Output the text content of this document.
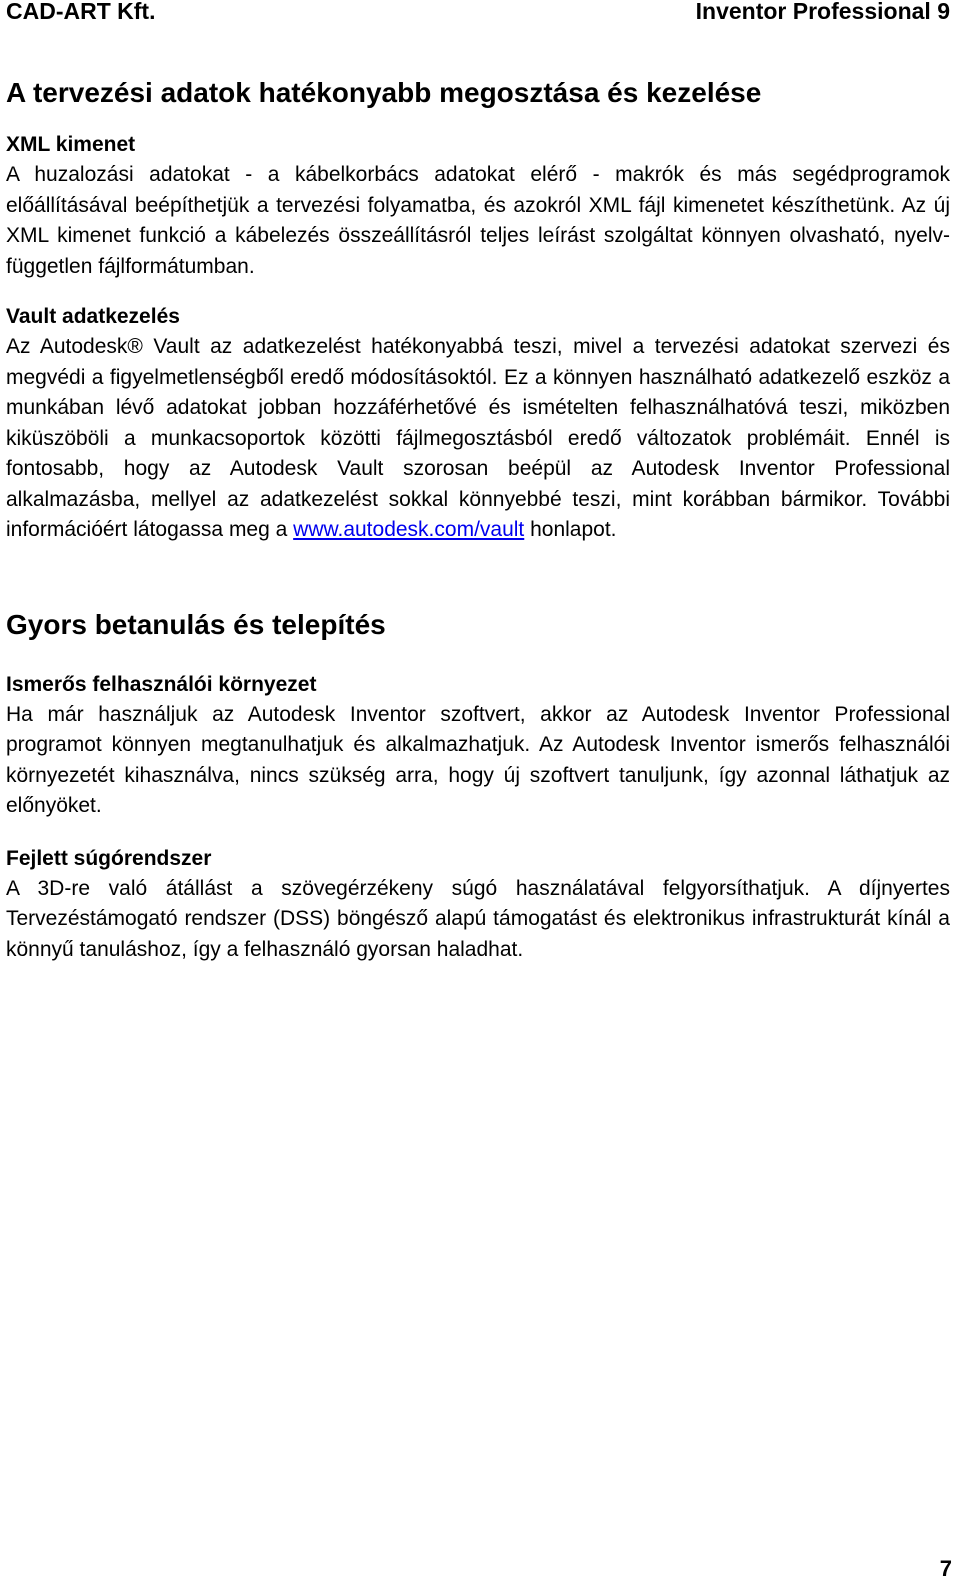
CAD-ART Kft.	Inventor Professional 9
A tervezési adatok hatékonyabb megosztása és kezelése
XML kimenet

A huzalozási adatokat - a kábelkorbács adatokat elérő - makrók és más segédprogramok előállításával beépíthetjük a tervezési folyamatba, és azokról XML fájl kimenetet készíthetünk. Az új XML kimenet funkció a kábelezés összeállításról teljes leírást szolgáltat könnyen olvasható, nyelv-független fájlformátumban.

Vault adatkezelés

Az Autodesk® Vault az adatkezelést hatékonyabbá teszi, mivel a tervezési adatokat szervezi és megvédi a figyelmetlenségből eredő módosításoktól. Ez a könnyen használható adatkezelő eszköz a munkában lévő adatokat jobban hozzáférhetővé és ismételten felhasználhatóvá teszi, miközben kiküszöböli a munkacsoportok közötti fájlmegosztásból eredő változatok problémáit. Ennél is fontosabb, hogy az Autodesk Vault szorosan beépül az Autodesk Inventor Professional alkalmazásba, mellyel az adatkezelést sokkal könnyebbé teszi, mint korábban bármikor. További információért látogassa meg a www.autodesk.com/vault honlapot.

Gyors betanulás és telepítés
Ismerős felhasználói környezet

Ha már használjuk az Autodesk Inventor szoftvert, akkor az Autodesk Inventor Professional programot könnyen megtanulhatjuk és alkalmazhatjuk. Az Autodesk Inventor ismerős felhasználói környezetét kihasználva, nincs szükség arra, hogy új szoftvert tanuljunk, így azonnal láthatjuk az előnyöket.

Fejlett súgórendszer

A 3D-re való átállást a szövegérzékeny súgó használatával felgyorsíthatjuk. A díjnyertes Tervezéstámogató rendszer (DSS) böngésző alapú támogatást és elektronikus infrastrukturát kínál a könnyű tanuláshoz, így a felhasználó gyorsan haladhat.

7
